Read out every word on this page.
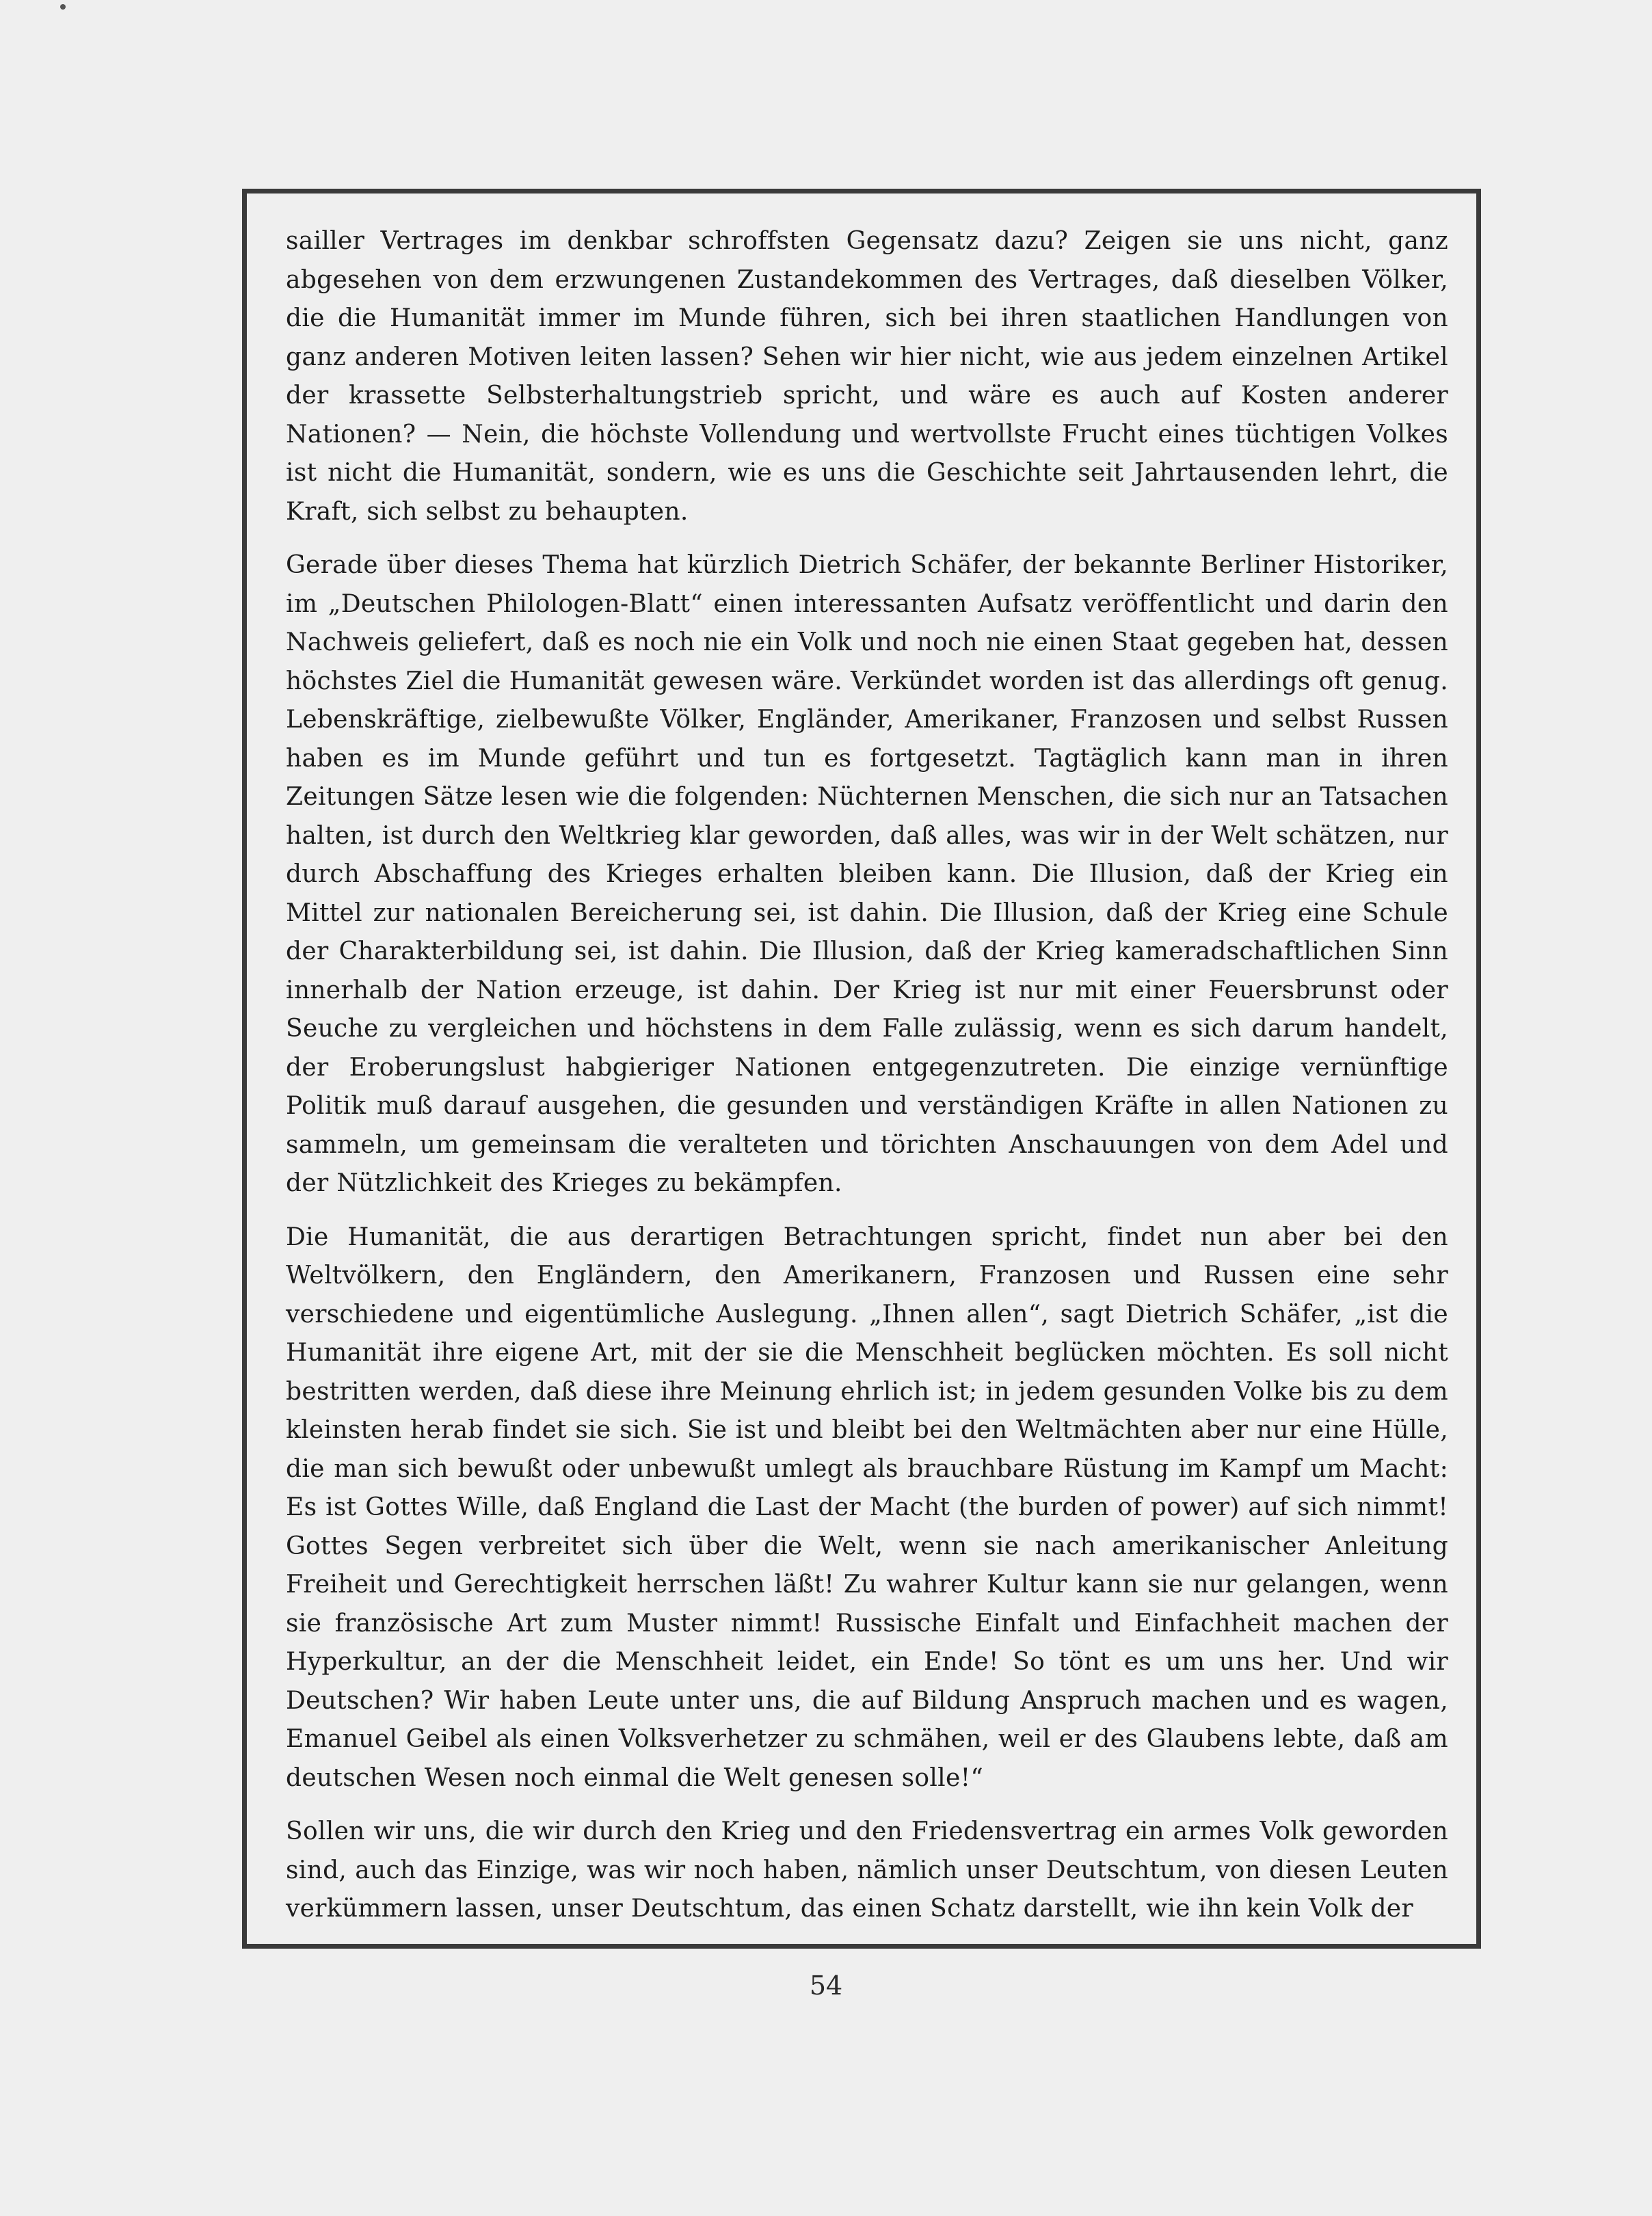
sailler Vertrages im denkbar schroffsten Gegensatz dazu? Zeigen sie uns nicht, ganz abgesehen von dem erzwungenen Zustandekommen des Vertrages, daß dieselben Völker, die die Humanität immer im Munde führen, sich bei ihren staatlichen Handlungen von ganz anderen Motiven leiten lassen? Sehen wir hier nicht, wie aus jedem einzelnen Artikel der krassette Selbsterhaltungstrieb spricht, und wäre es auch auf Kosten anderer Nationen? — Nein, die höchste Vollendung und wertvollste Frucht eines tüchtigen Volkes ist nicht die Humanität, sondern, wie es uns die Geschichte seit Jahrtausenden lehrt, die Kraft, sich selbst zu behaupten.

Gerade über dieses Thema hat kürzlich Dietrich Schäfer, der bekannte Berliner Historiker, im „Deutschen Philologen-Blatt“ einen interessanten Aufsatz veröffentlicht und darin den Nachweis geliefert, daß es noch nie ein Volk und noch nie einen Staat gegeben hat, dessen höchstes Ziel die Humanität gewesen wäre. Verkündet worden ist das allerdings oft genug. Lebenskräftige, zielbewußte Völker, Engländer, Amerikaner, Franzosen und selbst Russen haben es im Munde geführt und tun es fortgesetzt. Tagtäglich kann man in ihren Zeitungen Sätze lesen wie die folgenden: Nüchternen Menschen, die sich nur an Tatsachen halten, ist durch den Weltkrieg klar geworden, daß alles, was wir in der Welt schätzen, nur durch Abschaffung des Krieges erhalten bleiben kann. Die Illusion, daß der Krieg ein Mittel zur nationalen Bereicherung sei, ist dahin. Die Illusion, daß der Krieg eine Schule der Charakterbildung sei, ist dahin. Die Illusion, daß der Krieg kameradschaftlichen Sinn innerhalb der Nation erzeuge, ist dahin. Der Krieg ist nur mit einer Feuersbrunst oder Seuche zu vergleichen und höchstens in dem Falle zulässig, wenn es sich darum handelt, der Eroberungslust habgieriger Nationen entgegenzutreten. Die einzige vernünftige Politik muß darauf ausgehen, die gesunden und verständigen Kräfte in allen Nationen zu sammeln, um gemeinsam die veralteten und törichten Anschauungen von dem Adel und der Nützlichkeit des Krieges zu bekämpfen.

Die Humanität, die aus derartigen Betrachtungen spricht, findet nun aber bei den Weltvölkern, den Engländern, den Amerikanern, Franzosen und Russen eine sehr verschiedene und eigentümliche Auslegung. „Ihnen allen“, sagt Dietrich Schäfer, „ist die Humanität ihre eigene Art, mit der sie die Menschheit beglücken möchten. Es soll nicht bestritten werden, daß diese ihre Meinung ehrlich ist; in jedem gesunden Volke bis zu dem kleinsten herab findet sie sich. Sie ist und bleibt bei den Weltmächten aber nur eine Hülle, die man sich bewußt oder unbewußt umlegt als brauchbare Rüstung im Kampf um Macht: Es ist Gottes Wille, daß England die Last der Macht (the burden of power) auf sich nimmt! Gottes Segen verbreitet sich über die Welt, wenn sie nach amerikanischer Anleitung Freiheit und Gerechtigkeit herrschen läßt! Zu wahrer Kultur kann sie nur gelangen, wenn sie französische Art zum Muster nimmt! Russische Einfalt und Einfachheit machen der Hyperkultur, an der die Menschheit leidet, ein Ende! So tönt es um uns her. Und wir Deutschen? Wir haben Leute unter uns, die auf Bildung Anspruch machen und es wagen, Emanuel Geibel als einen Volksverhetzer zu schmähen, weil er des Glaubens lebte, daß am deutschen Wesen noch einmal die Welt genesen solle!“

Sollen wir uns, die wir durch den Krieg und den Friedensvertrag ein armes Volk geworden sind, auch das Einzige, was wir noch haben, nämlich unser Deutschtum, von diesen Leuten verkümmern lassen, unser Deutschtum, das einen Schatz darstellt, wie ihn kein Volk der

54
